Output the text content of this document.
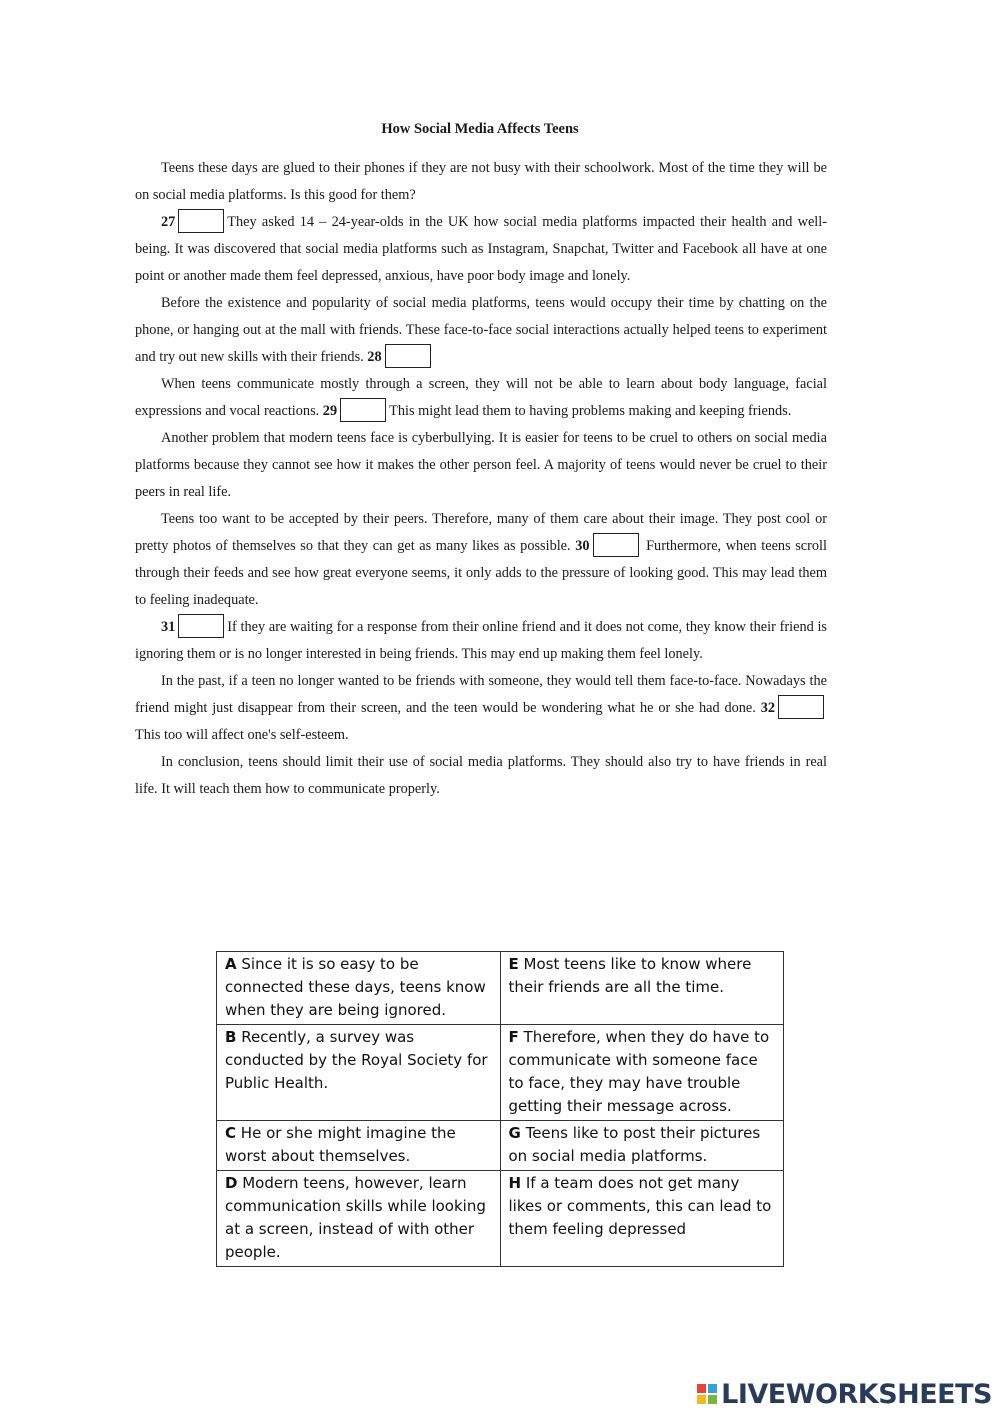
How Social Media Affects Teens

Teens these days are glued to their phones if they are not busy with their schoolwork. Most of the time they will be on social media platforms. Is this good for them?

27	They asked 14 – 24-year-olds in the UK how social media platforms impacted their health and well-being. It was discovered that social media platforms such as Instagram, Snapchat, Twitter and Facebook all have at one point or another made them feel depressed, anxious, have poor body image and lonely.

Before the existence and popularity of social media platforms, teens would occupy their time by chatting on the phone, or hanging out at the mall with friends. These face-to-face social interactions actually helped teens to experiment and try out new skills with their friends. 28

When teens communicate mostly through a screen, they will not be able to learn about body language, facial expressions and vocal reactions. 29	This might lead them to having problems making and keeping friends.

Another problem that modern teens face is cyberbullying. It is easier for teens to be cruel to others on social media platforms because they cannot see how it makes the other person feel. A majority of teens would never be cruel to their peers in real life.

Teens too want to be accepted by their peers. Therefore, many of them care about their image. They post cool or pretty photos of themselves so that they can get as many likes as possible. 30	Furthermore, when teens scroll through their feeds and see how great everyone seems, it only adds to the pressure of looking good. This may lead them to feeling inadequate.

31	If they are waiting for a response from their online friend and it does not come, they know their friend is ignoring them or is no longer interested in being friends. This may end up making them feel lonely.

In the past, if a teen no longer wanted to be friends with someone, they would tell them face-to-face. Nowadays the friend might just disappear from their screen, and the teen would be wondering what he or she had done. 32This too will affect one's self-esteem.

In conclusion, teens should limit their use of social media platforms. They should also try to have friends in real life. It will teach them how to communicate properly.

A Since it is so easy to be connected these days, teens know when they are being ignored.	E Most teens like to know where their friends are all the time.
B Recently, a survey was conducted by the Royal Society for Public Health.	F Therefore, when they do have to communicate with someone face to face, they may have trouble getting their message across.
C He or she might imagine the worst about themselves.	G Teens like to post their pictures on social media platforms.
D Modern teens, however, learn communication skills while looking at a screen, instead of with other people.	H If a team does not get many likes or comments, this can lead to them feeling depressed
LIVEWORKSHEETS
